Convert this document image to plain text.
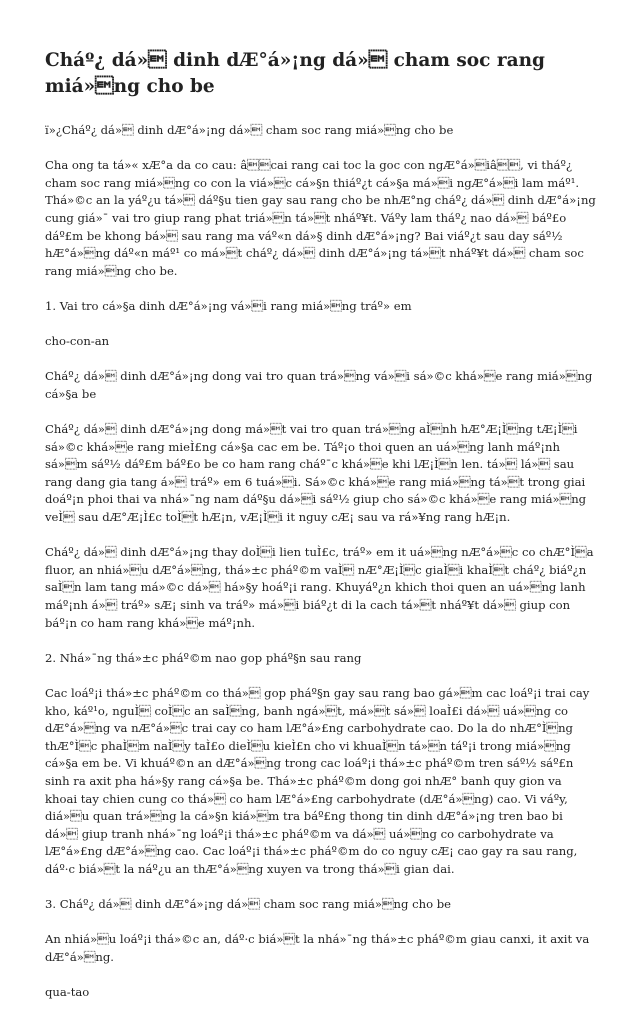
Cháº¿ dá» dinh dÆ°á»¡ng dá» cham soc rang miá»ng cho be

ï»¿Cháº¿ dá» dinh dÆ°á»¡ng dá» cham soc rang miá»ng cho be

Cha ong ta tá»« xÆ°a da co cau: âcai rang cai toc la goc con ngÆ°á»iâ, vi tháº¿ cham soc rang miá»ng co con la viá»c cá»§n thiáº¿t cá»§a má»i ngÆ°á»i lam máº¹. Thá»©c an la yáº¿u tá» dáº§u tien gay sau rang cho be nhÆ°ng cháº¿ dá» dinh dÆ°á»¡ng cung giá»¯ vai tro giup rang phat triá»n tá»t nháº¥t. Váºy lam tháº¿ nao dá» báº£o dáº£m be khong bá» sau rang ma váº«n dá»§ dinh dÆ°á»¡ng? Bai viáº¿t sau day sáº½ hÆ°á»ng dáº«n máº¹ co má»t cháº¿ dá» dinh dÆ°á»¡ng tá»t nháº¥t dá» cham soc rang miá»ng cho be.

1. Vai tro cá»§a dinh dÆ°á»¡ng vá»i rang miá»ng tráº» em

cho-con-an

Cháº¿ dá» dinh dÆ°á»¡ng dong vai tro quan trá»ng vá»i sá»©c khá»e rang miá»ng cá»§a be

Cháº¿ dá» dinh dÆ°á»¡ng dong má»t vai tro quan trá»ng aÌnh hÆ°Æ¡Ìng tÆ¡Ìi sá»©c khá»e rang mieÌ£ng cá»§a cac em be. Táº¡o thoi quen an uá»ng lanh máº¡nh sá»m sáº½ dáº£m báº£o be co ham rang cháº¯c khá»e khi lÆ¡Ìn len. tá» lá» sau rang dang gia tang á» tráº» em 6 tuá»i. Sá»©c khá»e rang miá»ng tá»t trong giai doáº¡n phoi thai va nhá»¯ng nam dáº§u dá»i sáº½ giup cho sá»©c khá»e rang miá»ng veÌ sau dÆ°Æ¡Ì£c toÌt hÆ¡n, vÆ¡Ìi it nguy cÆ¡ sau va rá»¥ng rang hÆ¡n.

Cháº¿ dá» dinh dÆ°á»¡ng thay doÌi lien tuÌ£c, tráº» em it uá»ng nÆ°á»c co chÆ°Ìa fluor, an nhiá»u dÆ°á»ng, thá»±c pháº©m vaÌ nÆ°Æ¡Ìc giaÌi khaÌt cháº¿ biáº¿n saÌn lam tang má»©c dá» há»§y hoáº¡i rang. Khuyáº¿n khich thoi quen an uá»ng lanh máº¡nh á» tráº» sÆ¡ sinh va tráº» má»i biáº¿t di la cach tá»t nháº¥t dá» giup con báº¡n co ham rang khá»e máº¡nh.

2. Nhá»¯ng thá»±c pháº©m nao gop pháº§n sau rang

Cac loáº¡i thá»±c pháº©m co thá» gop pháº§n gay sau rang bao gá»m cac loáº¡i trai cay kho, káº¹o, nguÌ coÌc an saÌng, banh ngá»t, má»t sá» loaÌ£i dá» uá»ng co dÆ°á»ng va nÆ°á»c trai cay co ham lÆ°á»£ng carbohydrate cao. Do la do nhÆ°Ìng thÆ°Ìc phaÌm naÌy taÌ£o dieÌu kieÌ£n cho vi khuaÌn tá»n táº¡i trong miá»ng cá»§a em be. Vi khuáº©n an dÆ°á»ng trong cac loáº¡i thá»±c pháº©m tren sáº½ sáº£n sinh ra axit pha há»§y rang cá»§a be. Thá»±c pháº©m dong goi nhÆ° banh quy gion va khoai tay chien cung co thá» co ham lÆ°á»£ng carbohydrate (dÆ°á»ng) cao. Vi váºy, diá»u quan trá»ng la cá»§n kiá»m tra báº£ng thong tin dinh dÆ°á»¡ng tren bao bi dá» giup tranh nhá»¯ng loáº¡i thá»±c pháº©m va dá» uá»ng co carbohydrate va lÆ°á»£ng dÆ°á»ng cao. Cac loáº¡i thá»±c pháº©m do co nguy cÆ¡ cao gay ra sau rang, dáº·c biá»t la náº¿u an thÆ°á»ng xuyen va trong thá»i gian dai.

3. Cháº¿ dá» dinh dÆ°á»¡ng dá» cham soc rang miá»ng cho be

An nhiá»u loáº¡i thá»©c an, dáº·c biá»t la nhá»¯ng thá»±c pháº©m giau canxi, it axit va dÆ°á»ng.

qua-tao
